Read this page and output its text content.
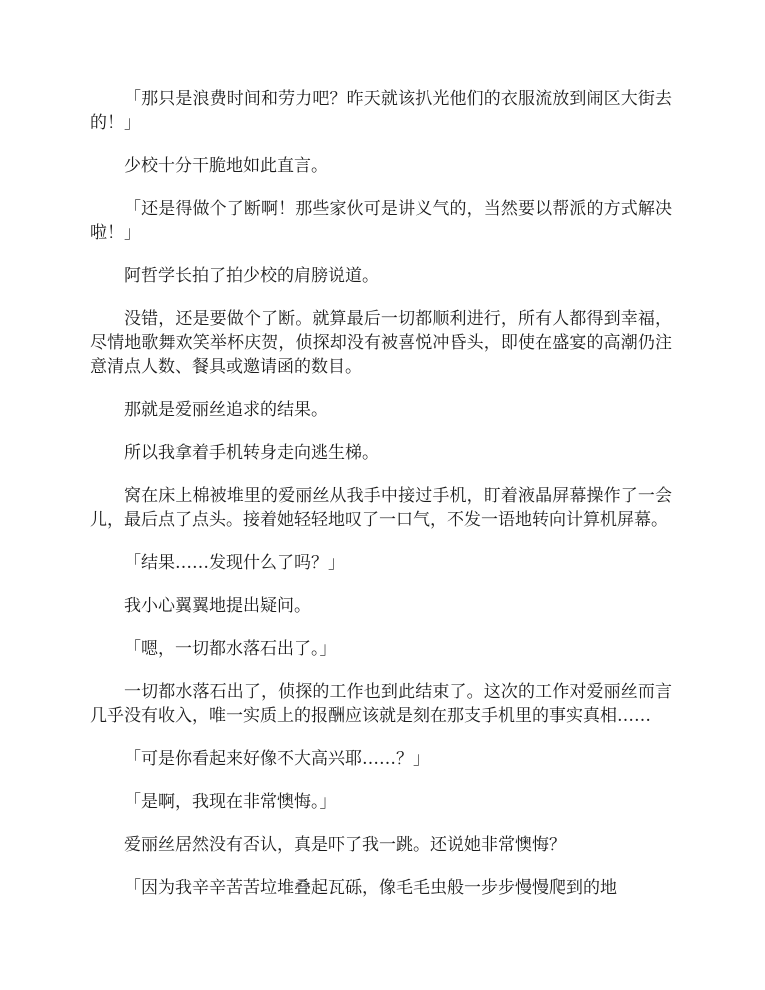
「那只是浪费时间和劳力吧？昨天就该扒光他们的衣服流放到闹区大街去的！」

少校十分干脆地如此直言。

「还是得做个了断啊！那些家伙可是讲义气的，当然要以帮派的方式解决啦！」

阿哲学长拍了拍少校的肩膀说道。

没错，还是要做个了断。就算最后一切都顺利进行，所有人都得到幸福，尽情地歌舞欢笑举杯庆贺，侦探却没有被喜悦冲昏头，即使在盛宴的高潮仍注意清点人数、餐具或邀请函的数目。

那就是爱丽丝追求的结果。

所以我拿着手机转身走向逃生梯。

窝在床上棉被堆里的爱丽丝从我手中接过手机，盯着液晶屏幕操作了一会儿，最后点了点头。接着她轻轻地叹了一口气，不发一语地转向计算机屏幕。

「结果……发现什么了吗？」

我小心翼翼地提出疑问。

「嗯，一切都水落石出了。」

一切都水落石出了，侦探的工作也到此结束了。这次的工作对爱丽丝而言几乎没有收入，唯一实质上的报酬应该就是刻在那支手机里的事实真相……

「可是你看起来好像不大高兴耶……？」

「是啊，我现在非常懊悔。」

爱丽丝居然没有否认，真是吓了我一跳。还说她非常懊悔？

「因为我辛辛苦苦垃堆叠起瓦砾，像毛毛虫般一步步慢慢爬到的地
